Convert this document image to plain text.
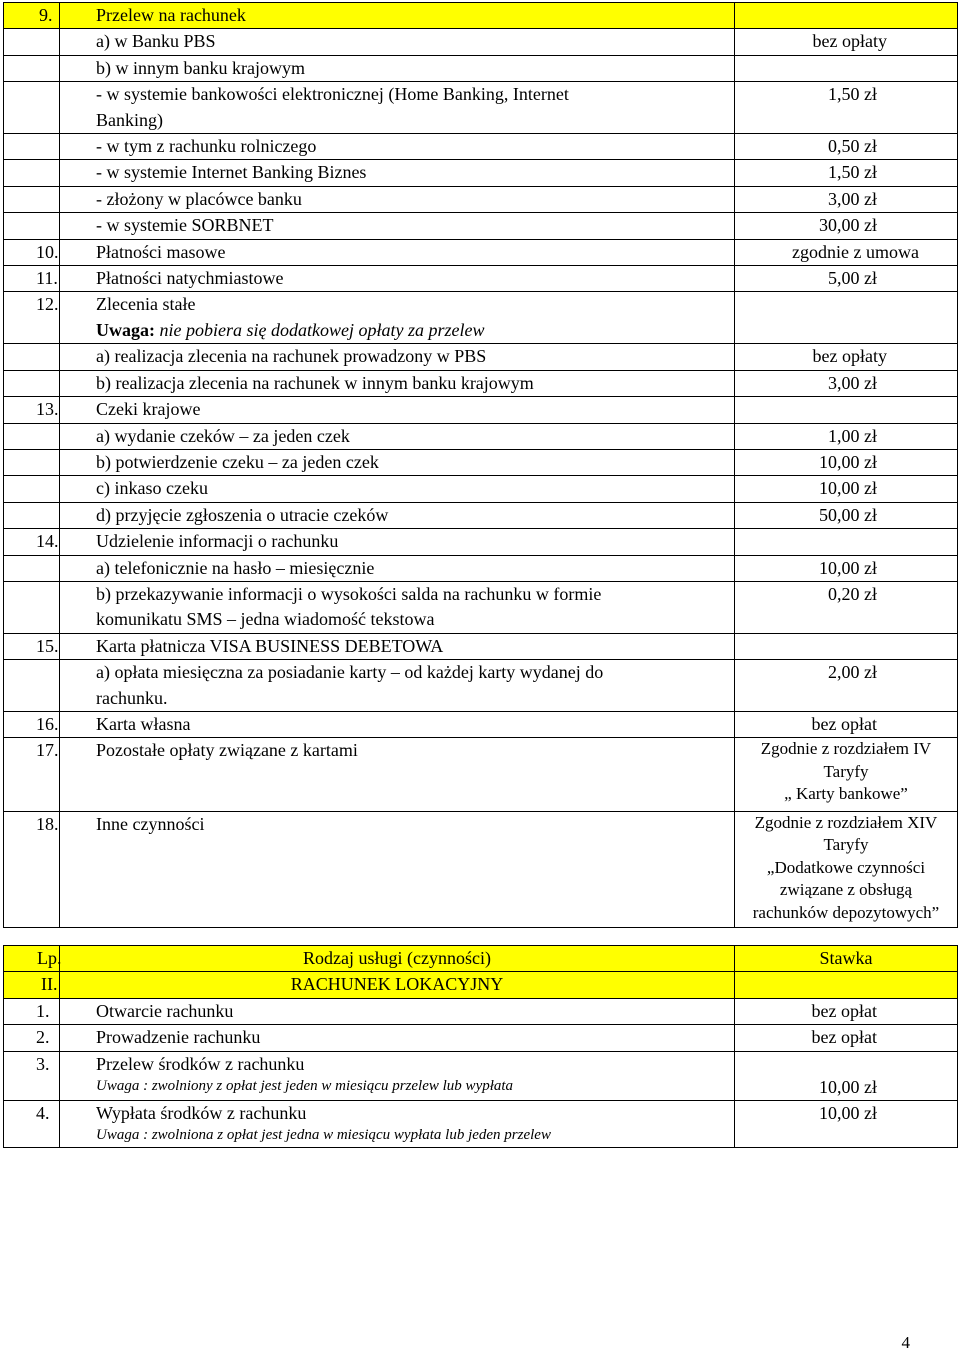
9.	Przelew na rachunek	
	a) w Banku PBS	bez opłaty
	b) w innym banku krajowym	

	- w systemie bankowości elektronicznej (Home Banking, Internet
Banking)	1,50 zł
	- w tym z rachunku rolniczego	0,50 zł
	- w systemie Internet Banking Biznes	1,50 zł
	- złożony w placówce banku	3,00 zł
	- w systemie SORBNET	30,00 zł
10.	Płatności masowe	zgodnie z umowa
11.	Płatności natychmiastowe	5,00 zł
12.	Zlecenia stałe
Uwaga: nie pobiera się dodatkowej opłaty za przelew	

	a) realizacja zlecenia na rachunek prowadzony w PBS	bez opłaty
	b) realizacja zlecenia na rachunek w innym banku krajowym	3,00 zł
13.	Czeki krajowe	
	a) wydanie czeków – za jeden czek	1,00 zł
	b) potwierdzenie czeku – za jeden czek	10,00 zł
	c) inkaso czeku	10,00 zł
	d) przyjęcie zgłoszenia o utracie czeków	50,00 zł
14.	Udzielenie informacji o rachunku	
	a) telefonicznie na hasło – miesięcznie	10,00 zł

	b) przekazywanie informacji o wysokości salda na rachunku w formie
komunikatu SMS – jedna wiadomość tekstowa	0,20 zł
15.	Karta płatnicza VISA BUSINESS DEBETOWA	

	a) opłata miesięczna za posiadanie karty – od każdej karty wydanej do
rachunku.	2,00 zł
16.	Karta własna	bez opłat
17.	Pozostałe opłaty związane z kartami	Zgodnie z rozdziałem IV
Taryfy
„ Karty bankowe”

18.	Inne czynności	Zgodnie z rozdziałem XIV
Taryfy
„Dodatkowe czynności
związane z obsługą
rachunków depozytowych”
Lp.	Rodzaj usługi (czynności)	Stawka
II.	RACHUNEK LOKACYJNY	
1.	Otwarcie rachunku	bez opłat
2.	Prowadzenie rachunku	bez opłat
3.	Przelew środków z rachunku
Uwaga : zwolniony z opłat jest jeden w miesiącu przelew lub wypłata	10,00 zł
4.	Wypłata środków z rachunku
Uwaga : zwolniona z opłat jest jedna w miesiącu wypłata lub jeden przelew	10,00 zł
4
